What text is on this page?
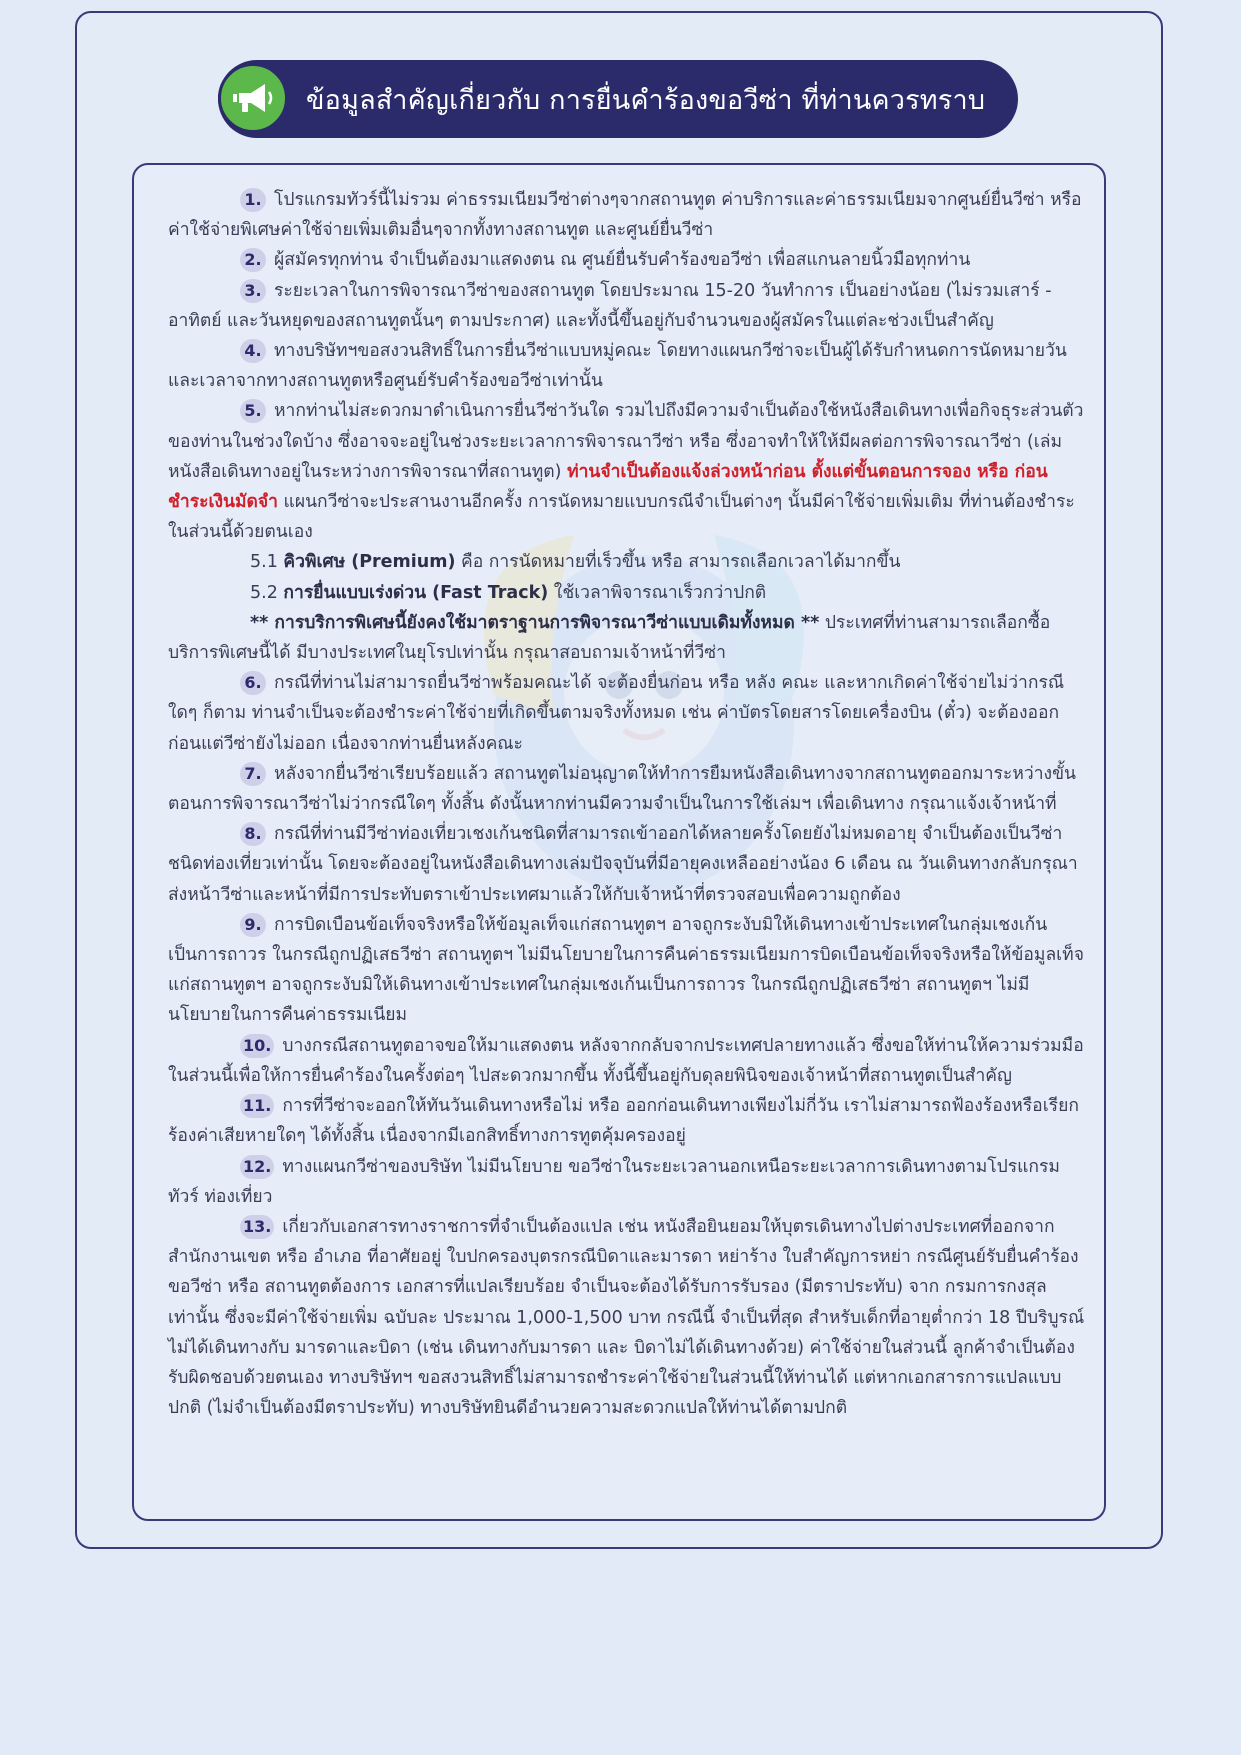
ข้อมูลสำคัญเกี่ยวกับ การยื่นคำร้องขอวีซ่า ที่ท่านควรทราบ

1. โปรแกรมทัวร์นี้ไม่รวม ค่าธรรมเนียมวีซ่าต่างๆจากสถานทูต ค่าบริการและค่าธรรมเนียมจากศูนย์ยื่นวีซ่า หรือค่าใช้จ่ายพิเศษค่าใช้จ่ายเพิ่มเติมอื่นๆจากทั้งทางสถานทูต และศูนย์ยื่นวีซ่า

2. ผู้สมัครทุกท่าน จำเป็นต้องมาแสดงตน ณ ศูนย์ยื่นรับคำร้องขอวีซ่า เพื่อสแกนลายนิ้วมือทุกท่าน

3. ระยะเวลาในการพิจารณาวีซ่าของสถานทูต โดยประมาณ 15-20 วันทำการ เป็นอย่างน้อย (ไม่รวมเสาร์ - อาทิตย์ และวันหยุดของสถานทูตนั้นๆ ตามประกาศ) และทั้งนี้ขึ้นอยู่กับจำนวนของผู้สมัครในแต่ละช่วงเป็นสำคัญ

4. ทางบริษัทฯขอสงวนสิทธิ์ในการยื่นวีซ่าแบบหมู่คณะ โดยทางแผนกวีซ่าจะเป็นผู้ได้รับกำหนดการนัดหมายวันและเวลาจากทางสถานทูตหรือศูนย์รับคำร้องขอวีซ่าเท่านั้น

5. หากท่านไม่สะดวกมาดำเนินการยื่นวีซ่าวันใด รวมไปถึงมีความจำเป็นต้องใช้หนังสือเดินทางเพื่อกิจธุระส่วนตัวของท่านในช่วงใดบ้าง ซึ่งอาจจะอยู่ในช่วงระยะเวลาการพิจารณาวีซ่า หรือ ซึ่งอาจทำให้ให้มีผลต่อการพิจารณาวีซ่า (เล่มหนังสือเดินทางอยู่ในระหว่างการพิจารณาที่สถานทูต) ท่านจำเป็นต้องแจ้งล่วงหน้าก่อน ตั้งแต่ขั้นตอนการจอง หรือ ก่อนชำระเงินมัดจำ แผนกวีซ่าจะประสานงานอีกครั้ง การนัดหมายแบบกรณีจำเป็นต่างๆ นั้นมีค่าใช้จ่ายเพิ่มเติม ที่ท่านต้องชำระในส่วนนี้ด้วยตนเอง

5.1 คิวพิเศษ (Premium) คือ การนัดหมายที่เร็วขึ้น หรือ สามารถเลือกเวลาได้มากขึ้น

5.2 การยื่นแบบเร่งด่วน (Fast Track) ใช้เวลาพิจารณาเร็วกว่าปกติ

** การบริการพิเศษนี้ยังคงใช้มาตราฐานการพิจารณาวีซ่าแบบเดิมทั้งหมด ** ประเทศที่ท่านสามารถเลือกซื้อบริการพิเศษนี้ได้ มีบางประเทศในยุโรปเท่านั้น กรุณาสอบถามเจ้าหน้าที่วีซ่า

6. กรณีที่ท่านไม่สามารถยื่นวีซ่าพร้อมคณะได้ จะต้องยื่นก่อน หรือ หลัง คณะ และหากเกิดค่าใช้จ่ายไม่ว่ากรณีใดๆ ก็ตาม ท่านจำเป็นจะต้องชำระค่าใช้จ่ายที่เกิดขึ้นตามจริงทั้งหมด เช่น ค่าบัตรโดยสารโดยเครื่องบิน (ตั๋ว) จะต้องออกก่อนแต่วีซ่ายังไม่ออก เนื่องจากท่านยื่นหลังคณะ

7. หลังจากยื่นวีซ่าเรียบร้อยแล้ว สถานทูตไม่อนุญาตให้ทำการยืมหนังสือเดินทางจากสถานทูตออกมาระหว่างขั้นตอนการพิจารณาวีซ่าไม่ว่ากรณีใดๆ ทั้งสิ้น ดังนั้นหากท่านมีความจำเป็นในการใช้เล่มฯ เพื่อเดินทาง กรุณาแจ้งเจ้าหน้าที่

8. กรณีที่ท่านมีวีซ่าท่องเที่ยวเชงเก้นชนิดที่สามารถเข้าออกได้หลายครั้งโดยยังไม่หมดอายุ จำเป็นต้องเป็นวีซ่าชนิดท่องเที่ยวเท่านั้น โดยจะต้องอยู่ในหนังสือเดินทางเล่มปัจจุบันที่มีอายุคงเหลืออย่างน้อง 6 เดือน ณ วันเดินทางกลับกรุณาส่งหน้าวีซ่าและหน้าที่มีการประทับตราเข้าประเทศมาแล้วให้กับเจ้าหน้าที่ตรวจสอบเพื่อความถูกต้อง

9. การบิดเบือนข้อเท็จจริงหรือให้ข้อมูลเท็จแก่สถานทูตฯ อาจถูกระงับมิให้เดินทางเข้าประเทศในกลุ่มเชงเก้นเป็นการถาวร ในกรณีถูกปฏิเสธวีซ่า สถานทูตฯ ไม่มีนโยบายในการคืนค่าธรรมเนียมการบิดเบือนข้อเท็จจริงหรือให้ข้อมูลเท็จแก่สถานทูตฯ อาจถูกระงับมิให้เดินทางเข้าประเทศในกลุ่มเชงเก้นเป็นการถาวร ในกรณีถูกปฏิเสธวีซ่า สถานทูตฯ ไม่มีนโยบายในการคืนค่าธรรมเนียม

10. บางกรณีสถานทูตอาจขอให้มาแสดงตน หลังจากกลับจากประเทศปลายทางแล้ว ซึ่งขอให้ท่านให้ความร่วมมือในส่วนนี้เพื่อให้การยื่นคำร้องในครั้งต่อๆ ไปสะดวกมากขึ้น ทั้งนี้ขึ้นอยู่กับดุลยพินิจของเจ้าหน้าที่สถานทูตเป็นสำคัญ

11. การที่วีซ่าจะออกให้ทันวันเดินทางหรือไม่ หรือ ออกก่อนเดินทางเพียงไม่กี่วัน เราไม่สามารถฟ้องร้องหรือเรียกร้องค่าเสียหายใดๆ ได้ทั้งสิ้น เนื่องจากมีเอกสิทธิ์ทางการทูตคุ้มครองอยู่

12. ทางแผนกวีซ่าของบริษัท ไม่มีนโยบาย ขอวีซ่าในระยะเวลานอกเหนือระยะเวลาการเดินทางตามโปรแกรมทัวร์ ท่องเที่ยว

13. เกี่ยวกับเอกสารทางราชการที่จำเป็นต้องแปล เช่น หนังสือยินยอมให้บุตรเดินทางไปต่างประเทศที่ออกจากสำนักงานเขต หรือ อำเภอ ที่อาศัยอยู่ ใบปกครองบุตรกรณีบิดาและมารดา หย่าร้าง ใบสำคัญการหย่า กรณีศูนย์รับยื่นคำร้องขอวีซ่า หรือ สถานทูตต้องการ เอกสารที่แปลเรียบร้อย จำเป็นจะต้องได้รับการรับรอง (มีตราประทับ) จาก กรมการกงสุลเท่านั้น ซึ่งจะมีค่าใช้จ่ายเพิ่ม ฉบับละ ประมาณ 1,000-1,500 บาท กรณีนี้ จำเป็นที่สุด สำหรับเด็กที่อายุต่ำกว่า 18 ปีบริบูรณ์ ไม่ได้เดินทางกับ มารดาและบิดา (เช่น เดินทางกับมารดา และ บิดาไม่ได้เดินทางด้วย) ค่าใช้จ่ายในส่วนนี้ ลูกค้าจำเป็นต้องรับผิดชอบด้วยตนเอง ทางบริษัทฯ ขอสงวนสิทธิ์ไม่สามารถชำระค่าใช้จ่ายในส่วนนี้ให้ท่านได้ แต่หากเอกสารการแปลแบบปกติ (ไม่จำเป็นต้องมีตราประทับ) ทางบริษัทยินดีอำนวยความสะดวกแปลให้ท่านได้ตามปกติ
